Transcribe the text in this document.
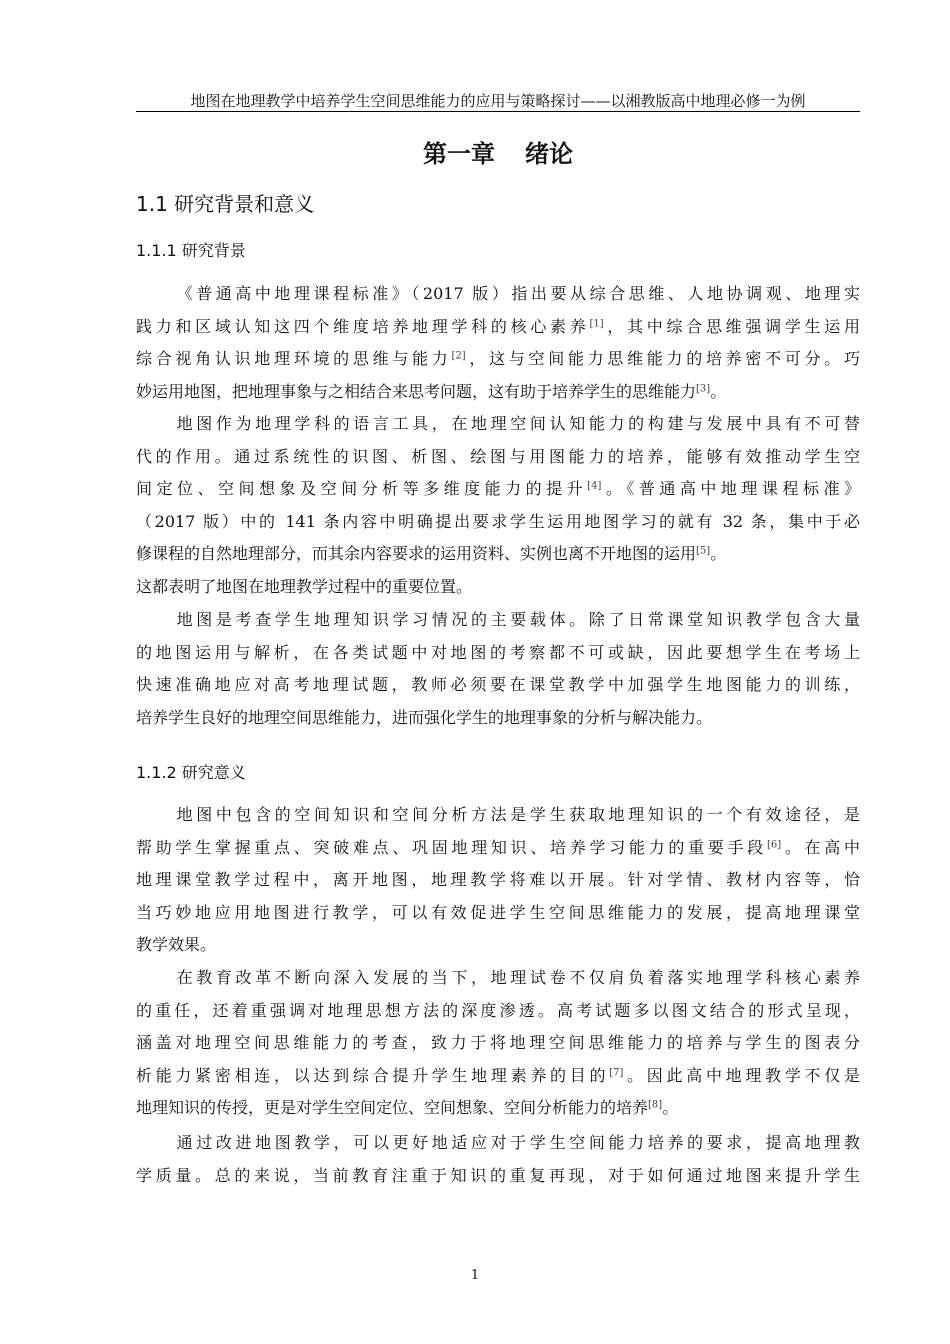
地图在地理教学中培养学生空间思维能力的应用与策略探讨——以湘教版高中地理必修一为例
第一章 绪论
1.1 研究背景和意义
1.1.1 研究背景
《普通高中地理课程标准》（2017 版）指出要从综合思维、人地协调观、地理实
践力和区域认知这四个维度培养地理学科的核心素养[1]，其中综合思维强调学生运用
综合视角认识地理环境的思维与能力[2]，这与空间能力思维能力的培养密不可分。巧
妙运用地图，把地理事象与之相结合来思考问题，这有助于培养学生的思维能力[3]。
地图作为地理学科的语言工具，在地理空间认知能力的构建与发展中具有不可替
代的作用。通过系统性的识图、析图、绘图与用图能力的培养，能够有效推动学生空
间定位、空间想象及空间分析等多维度能力的提升[4]。《普通高中地理课程标准》
（2017 版）中的 141 条内容中明确提出要求学生运用地图学习的就有 32 条，集中于必
修课程的自然地理部分，而其余内容要求的运用资料、实例也离不开地图的运用[5]。
这都表明了地图在地理教学过程中的重要位置。
地图是考查学生地理知识学习情况的主要载体。除了日常课堂知识教学包含大量
的地图运用与解析，在各类试题中对地图的考察都不可或缺，因此要想学生在考场上
快速准确地应对高考地理试题，教师必须要在课堂教学中加强学生地图能力的训练，
培养学生良好的地理空间思维能力，进而强化学生的地理事象的分析与解决能力。
1.1.2 研究意义
地图中包含的空间知识和空间分析方法是学生获取地理知识的一个有效途径，是
帮助学生掌握重点、突破难点、巩固地理知识、培养学习能力的重要手段[6]。在高中
地理课堂教学过程中，离开地图，地理教学将难以开展。针对学情、教材内容等，恰
当巧妙地应用地图进行教学，可以有效促进学生空间思维能力的发展，提高地理课堂
教学效果。
在教育改革不断向深入发展的当下，地理试卷不仅肩负着落实地理学科核心素养
的重任，还着重强调对地理思想方法的深度渗透。高考试题多以图文结合的形式呈现，
涵盖对地理空间思维能力的考查，致力于将地理空间思维能力的培养与学生的图表分
析能力紧密相连，以达到综合提升学生地理素养的目的[7]。因此高中地理教学不仅是
地理知识的传授，更是对学生空间定位、空间想象、空间分析能力的培养[8]。
通过改进地图教学，可以更好地适应对于学生空间能力培养的要求，提高地理教
学质量。总的来说，当前教育注重于知识的重复再现，对于如何通过地图来提升学生
1
